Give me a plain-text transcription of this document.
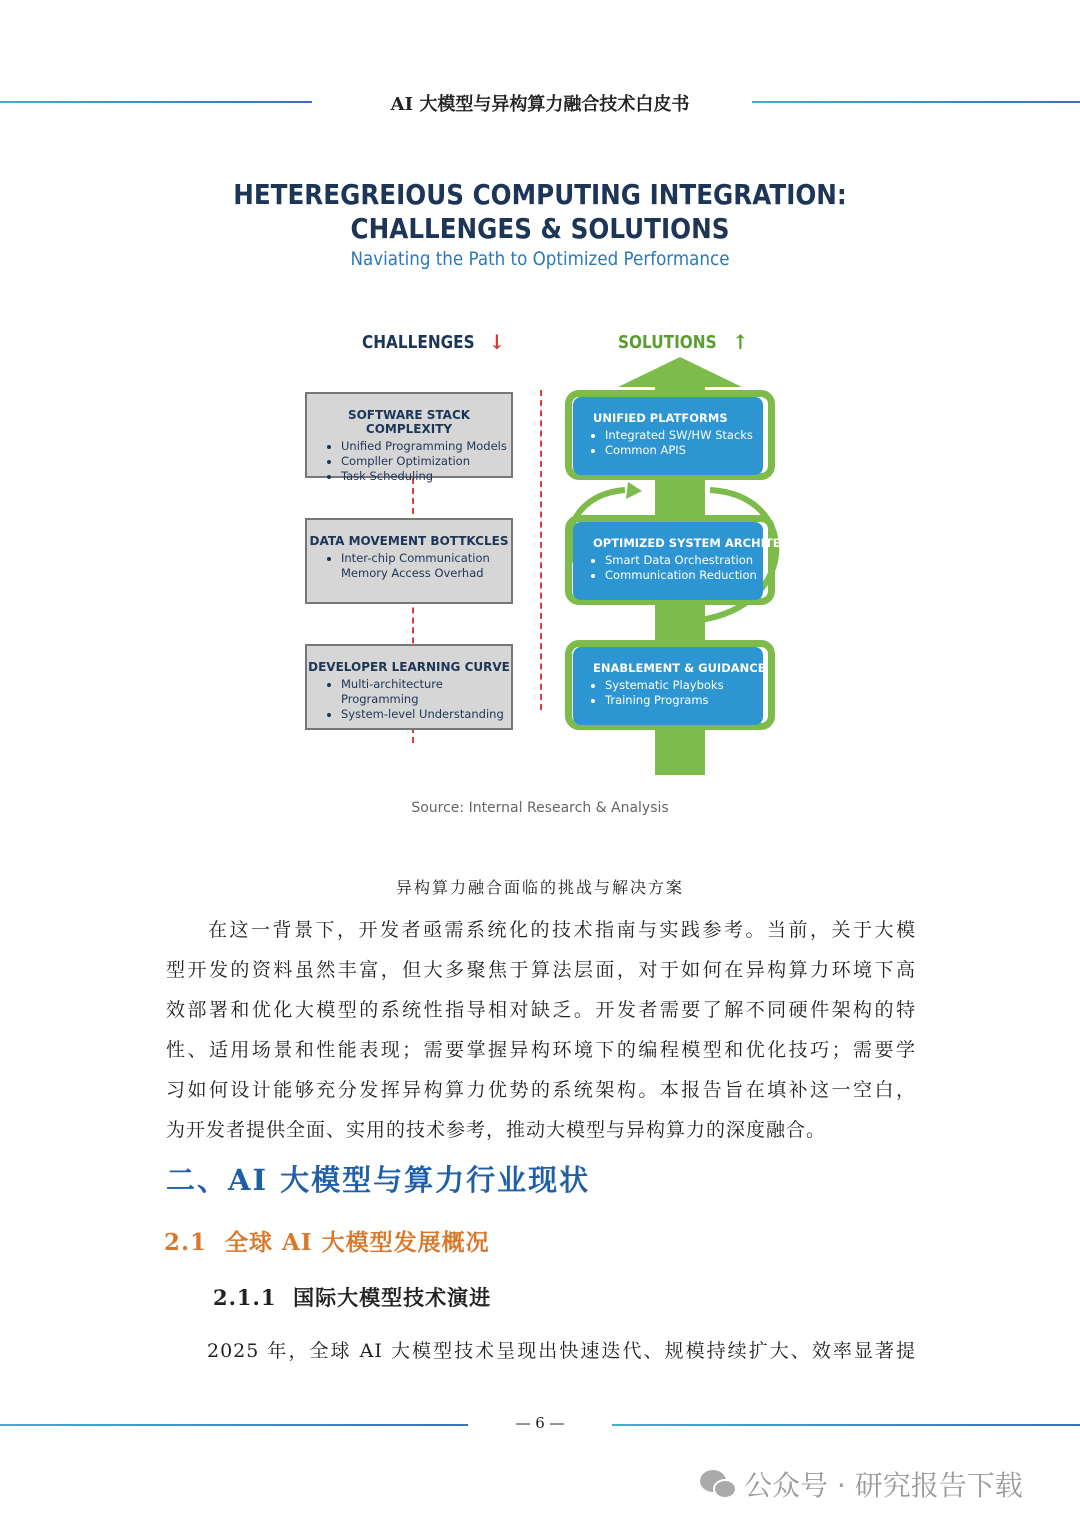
AI 大模型与异构算力融合技术白皮书
HETEREGREIOUS COMPUTING INTEGRATION:
CHALLENGES & SOLUTIONS
Naviating the Path to Optimized Performance
CHALLENGES ↓	SOLUTIONS ↑
SOFTWARE STACK COMPLEXITY
• Unified Programming Models
• Compller Optimization
• Task Scheduling
DATA MOVEMENT BOTTKCLES
• Inter-chip Communication
Memory Access Overhad
DEVELOPER LEARNING CURVE
• Multi-architecture Programming
• System-level Understanding
UNIFIED PLATFORMS
• Integrated SW/HW Stacks
• Common APIS
OPTIMIZED SYSTEM ARCHITECTURE
• Smart Data Orchestration
• Communication Reduction
ENABLEMENT & GUIDANCE
• Systematic Playboks
• Training Programs
Source: Internal Research & Analysis
异构算力融合面临的挑战与解决方案
在这一背景下，开发者亟需系统化的技术指南与实践参考。当前，关于大模
型开发的资料虽然丰富，但大多聚焦于算法层面，对于如何在异构算力环境下高
效部署和优化大模型的系统性指导相对缺乏。开发者需要了解不同硬件架构的特
性、适用场景和性能表现；需要掌握异构环境下的编程模型和优化技巧；需要学
习如何设计能够充分发挥异构算力优势的系统架构。本报告旨在填补这一空白，
为开发者提供全面、实用的技术参考，推动大模型与异构算力的深度融合。
二、AI 大模型与算力行业现状
2.1  全球 AI 大模型发展概况
2.1.1  国际大模型技术演进
2025 年，全球 AI 大模型技术呈现出快速迭代、规模持续扩大、效率显著提
— 6 —
公众号 · 研究报告下载
